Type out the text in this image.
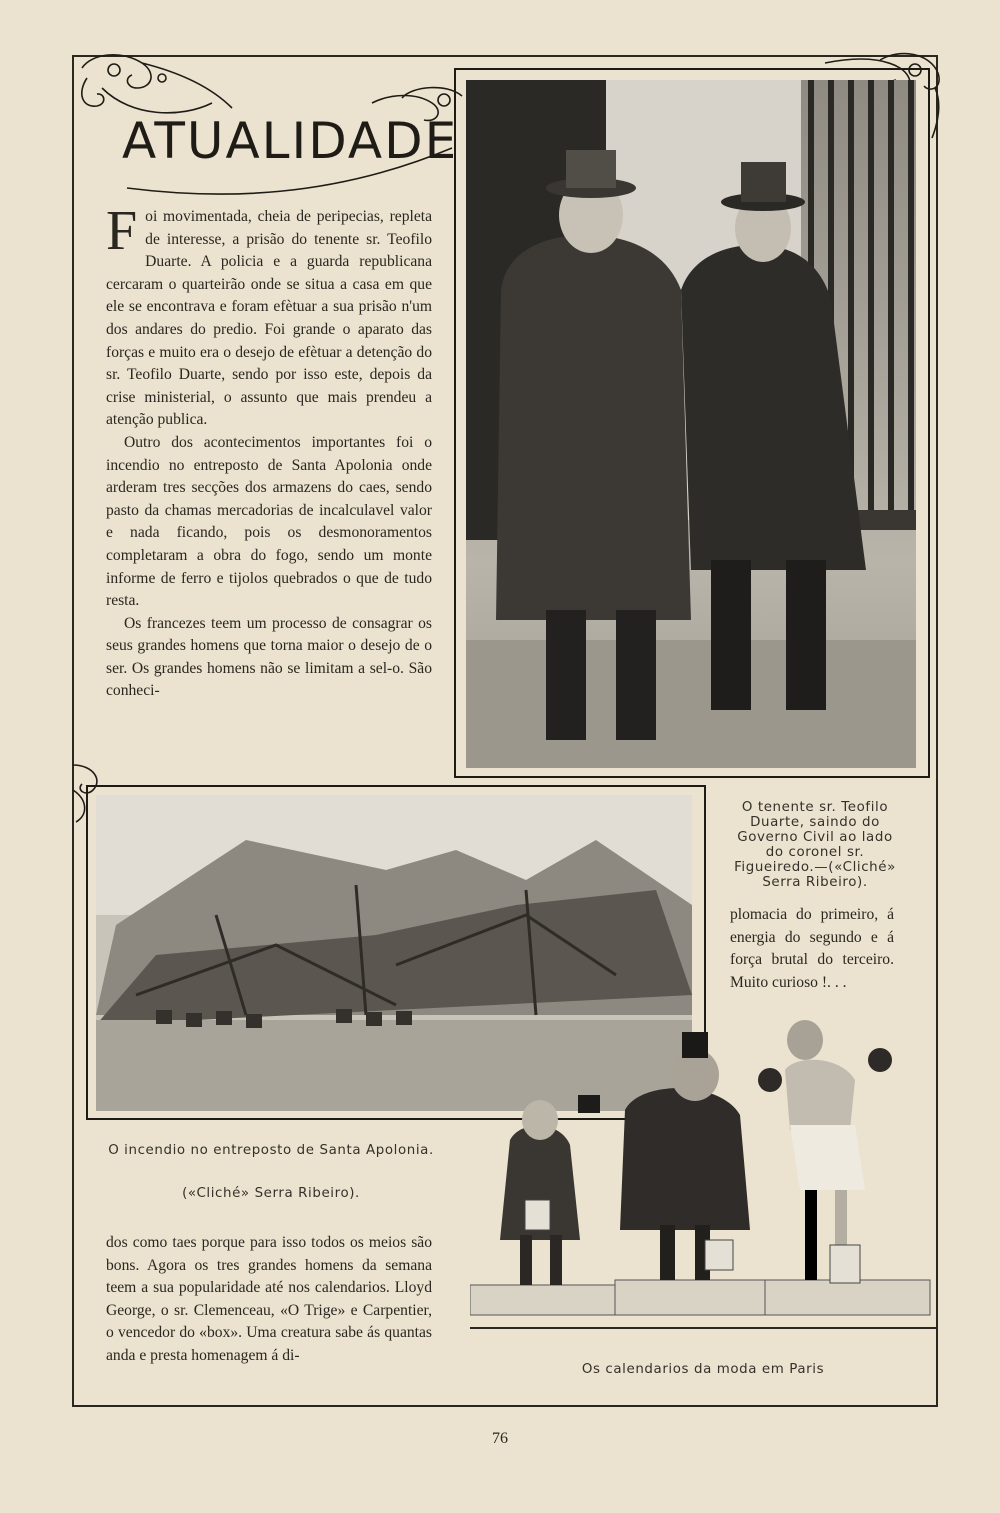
ATUALIDADE

Foi movimentada, cheia de peripecias, repleta de interesse, a prisão do tenente sr. Teofilo Duarte. A policia e a guarda republicana cercaram o quarteirão onde se situa a casa em que ele se encontrava e foram efètuar a sua prisão n'um dos andares do predio. Foi grande o aparato das forças e muito era o desejo de efètuar a detenção do sr. Teofilo Duarte, sendo por isso este, depois da crise ministerial, o assunto que mais prendeu a atenção publica.

Outro dos acontecimentos importantes foi o incendio no entreposto de Santa Apolonia onde arderam tres secções dos armazens do caes, sendo pasto da chamas mercadorias de incalculavel valor e nada ficando, pois os desmonoramentos completaram a obra do fogo, sendo um monte informe de ferro e tijolos quebrados o que de tudo resta.

Os francezes teem um processo de consagrar os seus grandes homens que torna maior o desejo de o ser. Os grandes homens não se limitam a sel-o. São conheci-

O tenente sr. Teofilo Duarte, saindo do Governo Civil ao lado do coronel sr. Figueiredo.—(«Cliché» Serra Ribeiro).

plomacia do primeiro, á energia do segundo e á força brutal do terceiro. Muito curioso !. . .

O incendio no entreposto de Santa Apolonia.
(«Cliché» Serra Ribeiro).

dos como taes porque para isso todos os meios são bons. Agora os tres grandes homens da semana teem a sua popularidade até nos calendarios. Lloyd George, o sr. Clemenceau, «O Trige» e Carpentier, o vencedor do «box». Uma creatura sabe ás quantas anda e presta homenagem á di-

Os calendarios da moda em Paris
76
